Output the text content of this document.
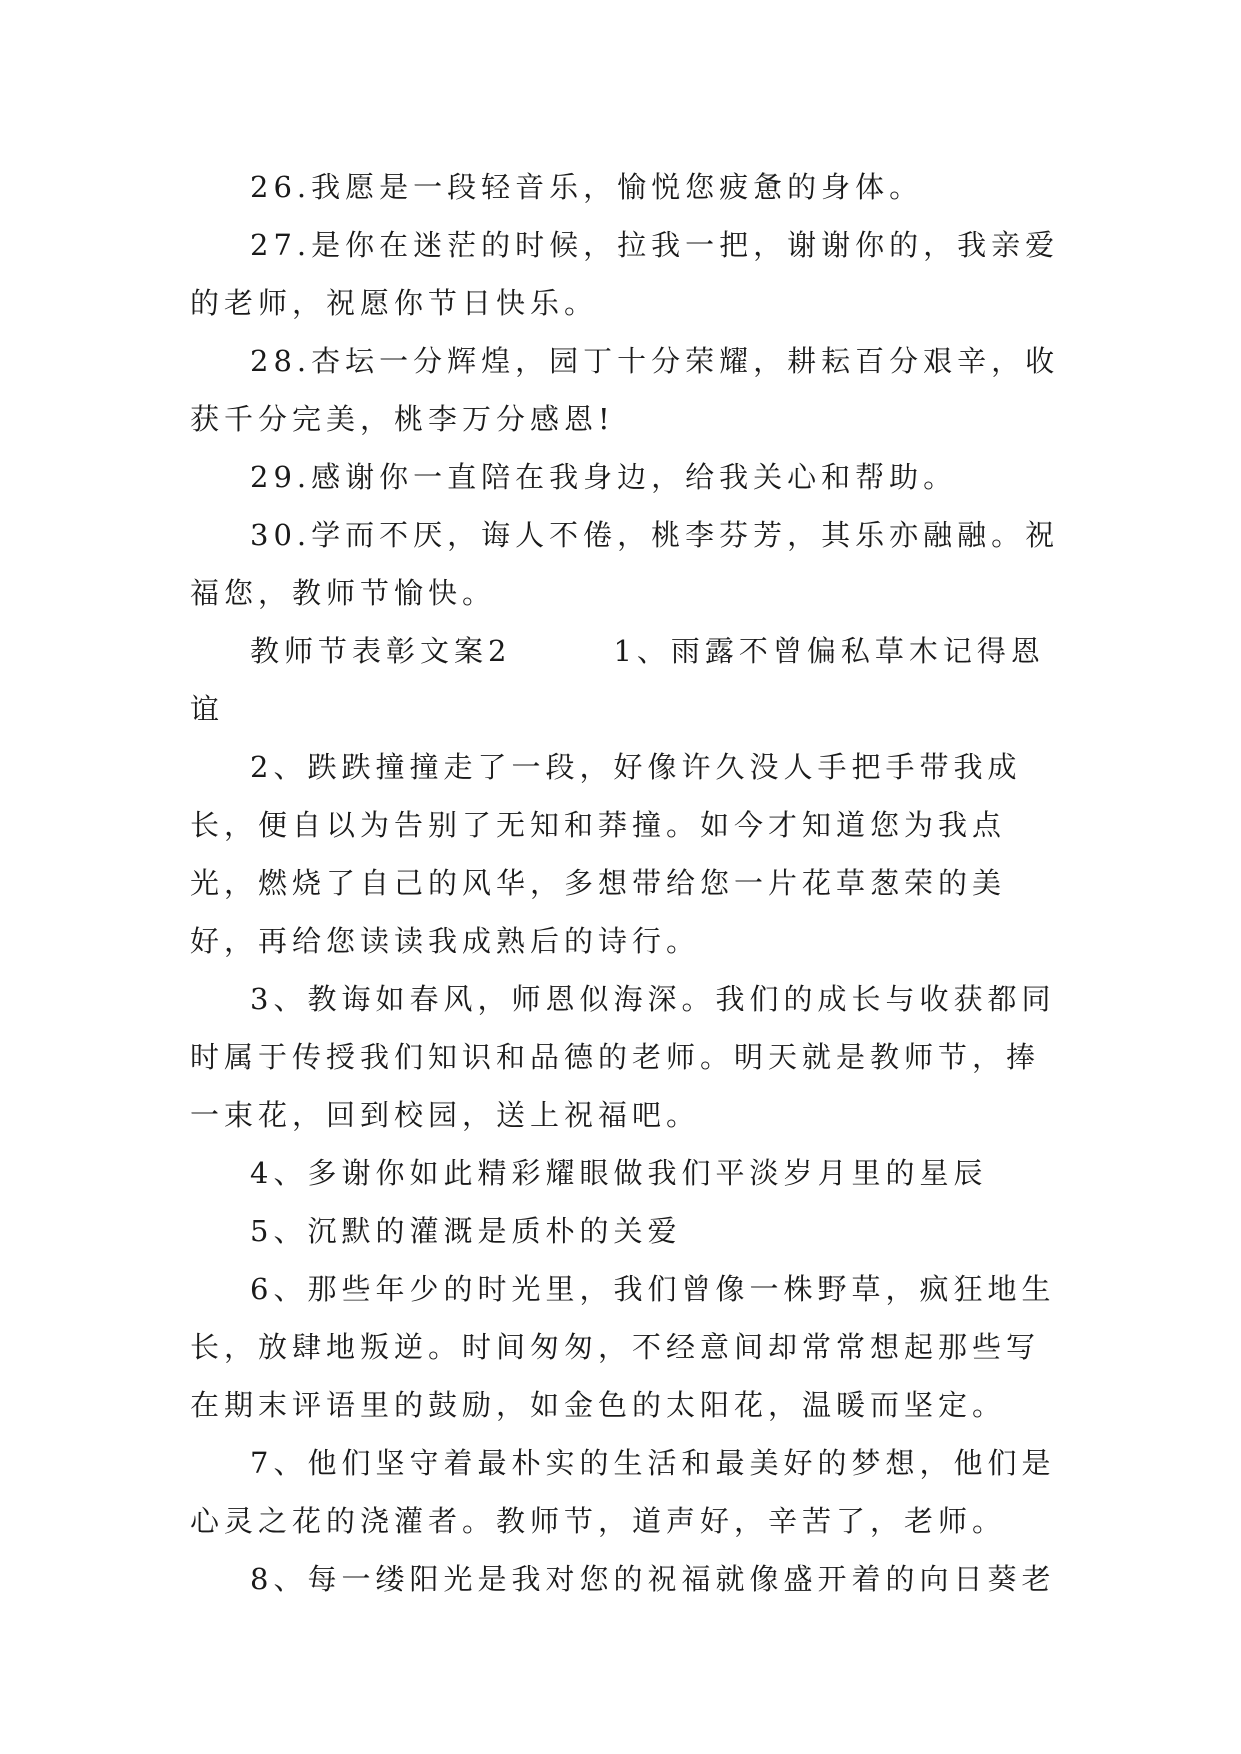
26.我愿是一段轻音乐，愉悦您疲惫的身体。

27.是你在迷茫的时候，拉我一把，谢谢你的，我亲爱的老师，祝愿你节日快乐。

28.杏坛一分辉煌，园丁十分荣耀，耕耘百分艰辛，收获千分完美，桃李万分感恩!

29.感谢你一直陪在我身边，给我关心和帮助。

30.学而不厌，诲人不倦，桃李芬芳，其乐亦融融。祝福您，教师节愉快。

教师节表彰文案2　　　1、雨露不曾偏私草木记得恩谊

2、跌跌撞撞走了一段，好像许久没人手把手带我成长，便自以为告别了无知和莽撞。如今才知道您为我点光，燃烧了自己的风华，多想带给您一片花草葱荣的美好，再给您读读我成熟后的诗行。

3、教诲如春风，师恩似海深。我们的成长与收获都同时属于传授我们知识和品德的老师。明天就是教师节，捧一束花，回到校园，送上祝福吧。

4、多谢你如此精彩耀眼做我们平淡岁月里的星辰

5、沉默的灌溉是质朴的关爱

6、那些年少的时光里，我们曾像一株野草，疯狂地生长，放肆地叛逆。时间匆匆，不经意间却常常想起那些写在期末评语里的鼓励，如金色的太阳花，温暖而坚定。

7、他们坚守着最朴实的生活和最美好的梦想，他们是心灵之花的浇灌者。教师节，道声好，辛苦了，老师。

8、每一缕阳光是我对您的祝福就像盛开着的向日葵老
